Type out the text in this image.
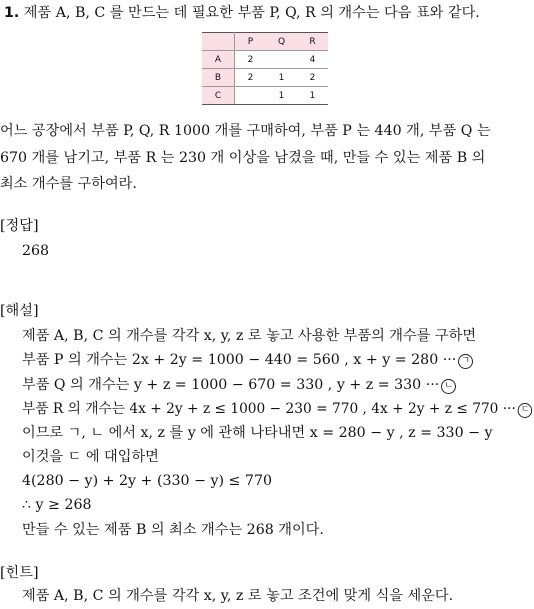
1. 제품 A, B, C 를 만드는 데 필요한 부품 P, Q, R 의 개수는 다음 표와 같다.
	P	Q	R
A	2		4
B	2	1	2
C		1	1
어느 공장에서 부품 P, Q, R 1000 개를 구매하여, 부품 P 는 440 개, 부품 Q 는
670 개를 남기고, 부품 R 는 230 개 이상을 남겼을 때, 만들 수 있는 제품 B 의
최소 개수를 구하여라.
[정답]
268
[해설]
제품 A, B, C 의 개수를 각각 x, y, z 로 놓고 사용한 부품의 개수를 구하면
부품 P 의 개수는 2x + 2y = 1000 − 440 = 560 , x + y = 280 ··· ㄱ
부품 Q 의 개수는 y + z = 1000 − 670 = 330 , y + z = 330 ··· ㄴ
부품 R 의 개수는 4x + 2y + z ≤ 1000 − 230 = 770 , 4x + 2y + z ≤ 770 ··· ㄷ
이므로 ㄱ, ㄴ 에서 x, z 를 y 에 관해 나타내면 x = 280 − y , z = 330 − y
이것을 ㄷ 에 대입하면
4(280 − y) + 2y + (330 − y) ≤ 770
∴ y ≥ 268
만들 수 있는 제품 B 의 최소 개수는 268 개이다.
[힌트]
제품 A, B, C 의 개수를 각각 x, y, z 로 놓고 조건에 맞게 식을 세운다.
